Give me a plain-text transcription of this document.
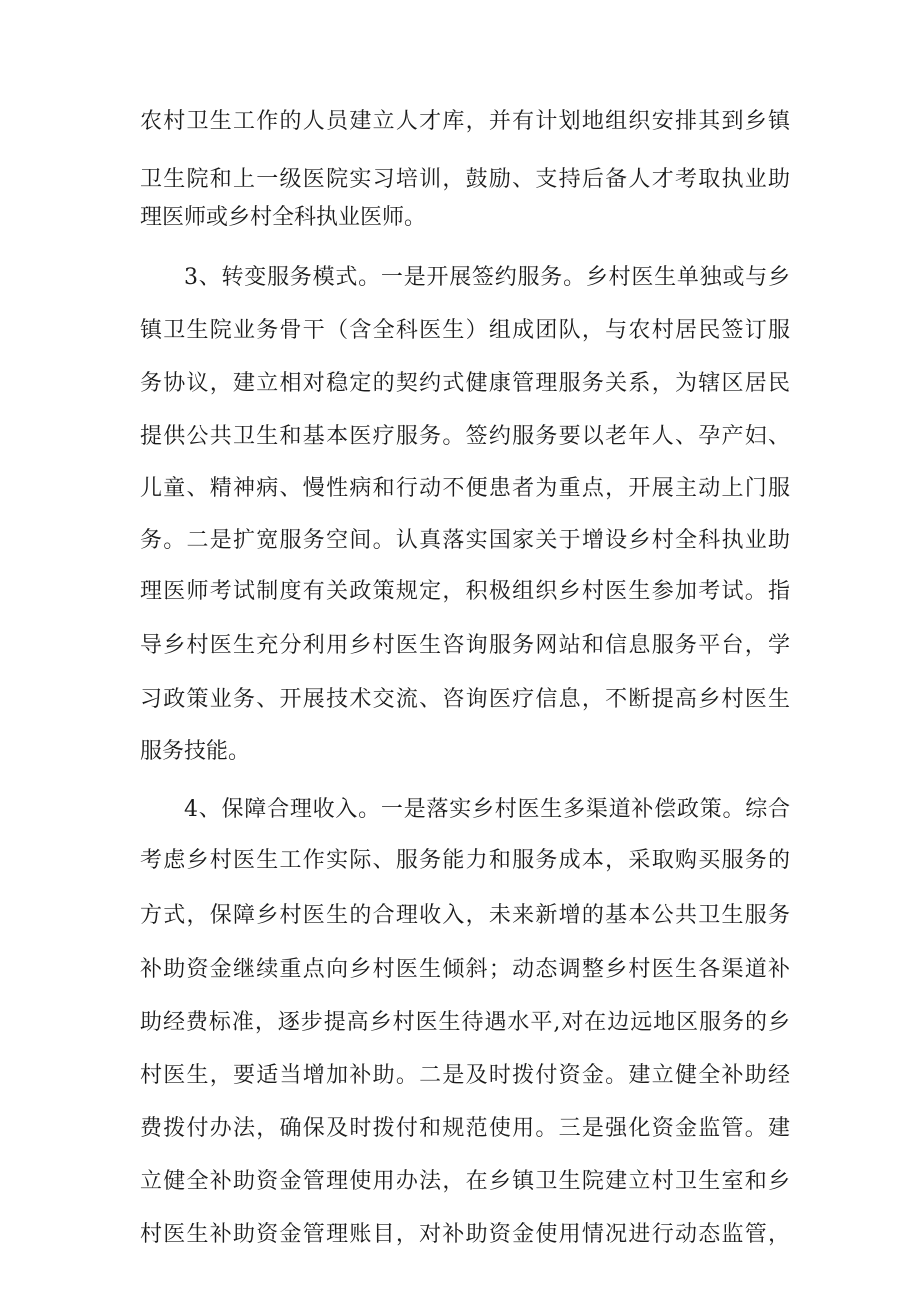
农村卫生工作的人员建立人才库，并有计划地组织安排其到乡镇
卫生院和上一级医院实习培训，鼓励、支持后备人才考取执业助
理医师或乡村全科执业医师。
3、转变服务模式。一是开展签约服务。乡村医生单独或与乡
镇卫生院业务骨干（含全科医生）组成团队，与农村居民签订服
务协议，建立相对稳定的契约式健康管理服务关系，为辖区居民
提供公共卫生和基本医疗服务。签约服务要以老年人、孕产妇、
儿童、精神病、慢性病和行动不便患者为重点，开展主动上门服
务。二是扩宽服务空间。认真落实国家关于增设乡村全科执业助
理医师考试制度有关政策规定，积极组织乡村医生参加考试。指
导乡村医生充分利用乡村医生咨询服务网站和信息服务平台，学
习政策业务、开展技术交流、咨询医疗信息，不断提高乡村医生
服务技能。
4、保障合理收入。一是落实乡村医生多渠道补偿政策。综合
考虑乡村医生工作实际、服务能力和服务成本，采取购买服务的
方式，保障乡村医生的合理收入，未来新增的基本公共卫生服务
补助资金继续重点向乡村医生倾斜；动态调整乡村医生各渠道补
助经费标准，逐步提高乡村医生待遇水平,对在边远地区服务的乡
村医生，要适当增加补助。二是及时拨付资金。建立健全补助经
费拨付办法，确保及时拨付和规范使用。三是强化资金监管。建
立健全补助资金管理使用办法，在乡镇卫生院建立村卫生室和乡
村医生补助资金管理账目，对补助资金使用情况进行动态监管，
